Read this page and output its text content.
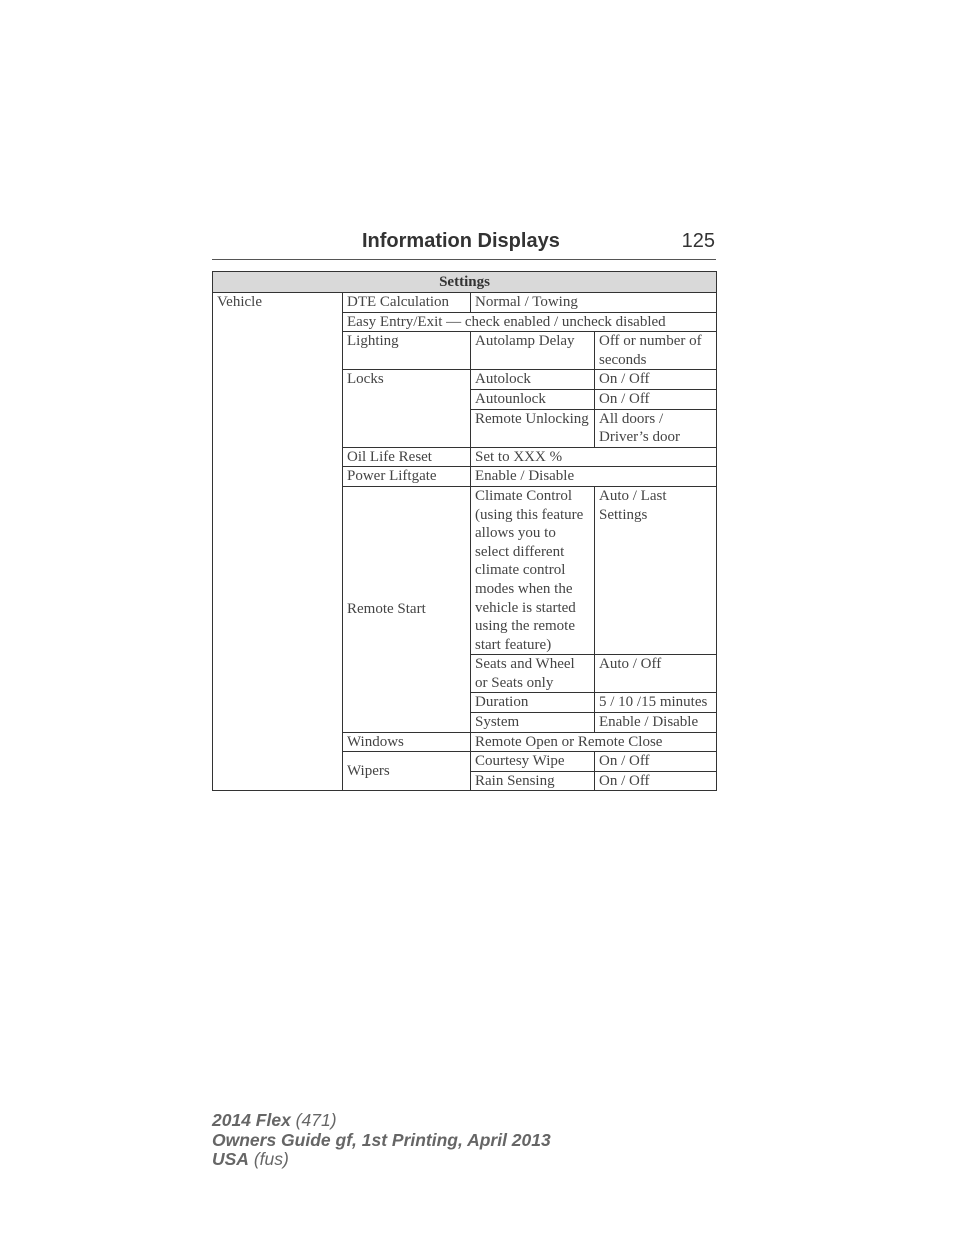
Information Displays	125
Settings			
Vehicle	DTE Calculation	Normal / Towing	
	Easy Entry/Exit — check enabled / uncheck disabled		
	Lighting	Autolamp Delay	Off or number of seconds
	Locks	Autolock	On / Off
		Autounlock	On / Off
		Remote Unlocking	All doors / Driver’s door
	Oil Life Reset	Set to XXX %	
	Power Liftgate	Enable / Disable	
	Remote Start	Climate Control (using this feature allows you to select different climate control modes when the vehicle is started using the remote start feature)	Auto / Last Settings
		Seats and Wheel or Seats only	Auto / Off
		Duration	5 / 10 /15 minutes
		System	Enable / Disable
	Windows	Remote Open or Remote Close	
	Wipers	Courtesy Wipe	On / Off
		Rain Sensing	On / Off
2014 Flex (471)
Owners Guide gf, 1st Printing, April 2013
USA (fus)
